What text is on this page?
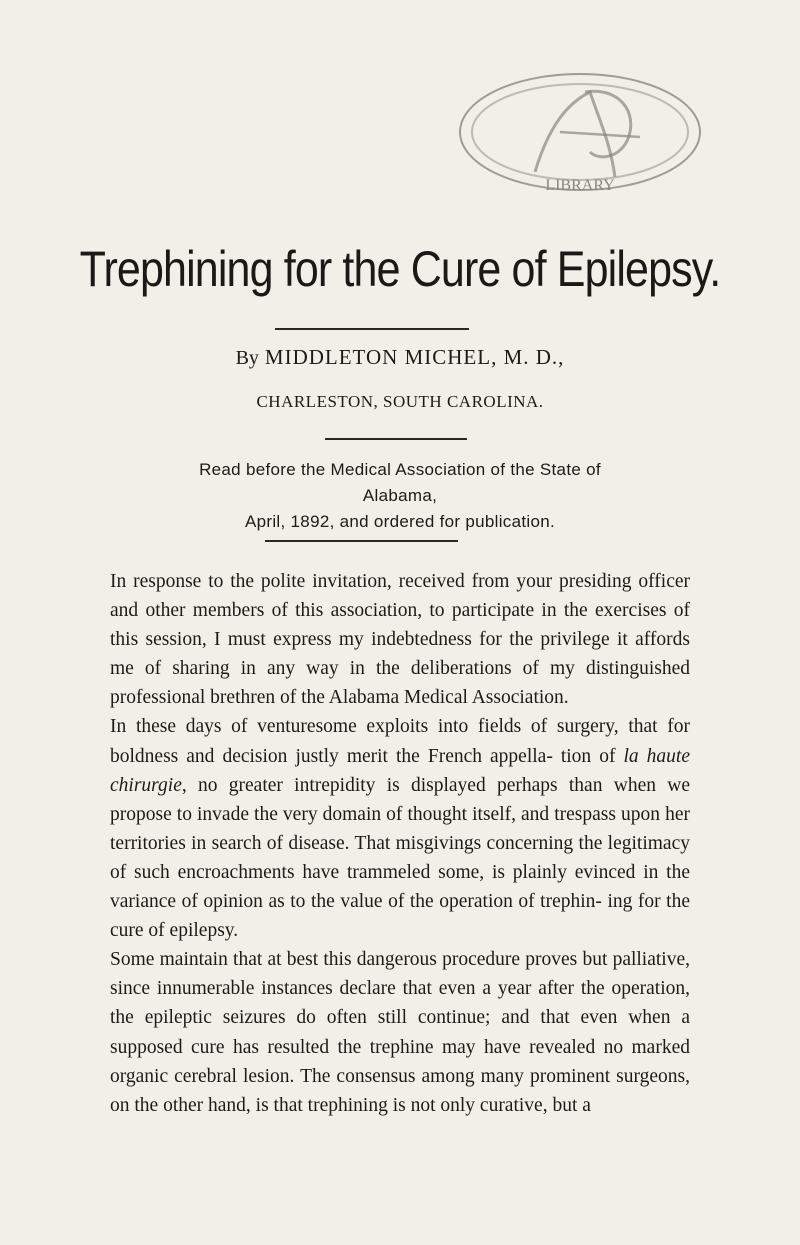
LIBRARY
Trephining for the Cure of Epilepsy.
By MIDDLETON MICHEL, M. D.,
CHARLESTON, SOUTH CAROLINA.
Read before the Medical Association of the State of Alabama,
April, 1892, and ordered for publication.

In response to the polite invitation, received from your presiding officer and other members of this association, to participate in the exercises of this session, I must express my indebtedness for the privilege it affords me of sharing in any way in the deliberations of my distinguished professional brethren of the Alabama Medical Association.

In these days of venturesome exploits into fields of surgery, that for boldness and decision justly merit the French appella- tion of la haute chirurgie, no greater intrepidity is displayed perhaps than when we propose to invade the very domain of thought itself, and trespass upon her territories in search of disease. That misgivings concerning the legitimacy of such encroachments have trammeled some, is plainly evinced in the variance of opinion as to the value of the operation of trephin- ing for the cure of epilepsy.

Some maintain that at best this dangerous procedure proves but palliative, since innumerable instances declare that even a year after the operation, the epileptic seizures do often still continue; and that even when a supposed cure has resulted the trephine may have revealed no marked organic cerebral lesion. The consensus among many prominent surgeons, on the other hand, is that trephining is not only curative, but a
